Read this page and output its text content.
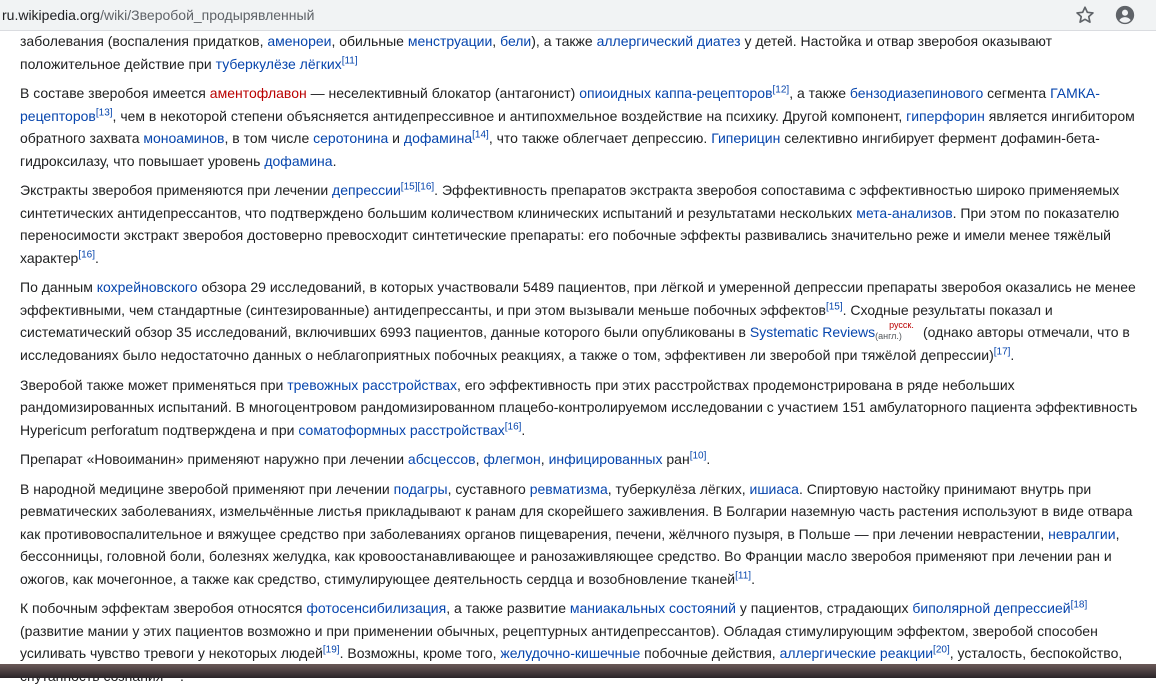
ru.wikipedia.org/wiki/Зверобой_продырявленный

заболевания (воспаления придатков, аменореи, обильные менструации, бели), а также аллергический диатез у детей. Настойка и отвар зверобоя оказывают положительное действие при туберкулёзе лёгких[11]

В составе зверобоя имеется аментофлавон — неселективный блокатор (антагонист) опиоидных каппа-рецепторов[12], а также бензодиазепинового сегмента ГАМКА-рецепторов[13], чем в некоторой степени объясняется антидепрессивное и антипохмельное воздействие на психику. Другой компонент, гиперфорин является ингибитором обратного захвата моноаминов, в том числе серотонина и дофамина[14], что также облегчает депрессию. Гиперицин селективно ингибирует фермент дофамин-бета-гидроксилазу, что повышает уровень дофамина.

Экстракты зверобоя применяются при лечении депрессии[15][16]. Эффективность препаратов экстракта зверобоя сопоставима с эффективностью широко применяемых синтетических антидепрессантов, что подтверждено большим количеством клинических испытаний и результатами нескольких мета-анализов. При этом по показателю переносимости экстракт зверобоя достоверно превосходит синтетические препараты: его побочные эффекты развивались значительно реже и имели менее тяжёлый характер[16].

По данным кохрейновского обзора 29 исследований, в которых участвовали 5489 пациентов, при лёгкой и умеренной депрессии препараты зверобоя оказались не менее эффективными, чем стандартные (синтезированные) антидепрессанты, и при этом вызывали меньше побочных эффектов[15]. Сходные результаты показал и систематический обзор 35 исследований, включивших 6993 пациентов, данные которого были опубликованы в Systematic Reviews русск.
(англ.) (однако авторы отмечали, что в исследованиях было недостаточно данных о неблагоприятных побочных реакциях, а также о том, эффективен ли зверобой при тяжёлой депрессии)[17].

Зверобой также может применяться при тревожных расстройствах, его эффективность при этих расстройствах продемонстрирована в ряде небольших рандомизированных испытаний. В многоцентровом рандомизированном плацебо-контролируемом исследовании с участием 151 амбулаторного пациента эффективность Hypericum perforatum подтверждена и при соматоформных расстройствах[16].

Препарат «Новоиманин» применяют наружно при лечении абсцессов, флегмон, инфицированных ран[10].

В народной медицине зверобой применяют при лечении подагры, суставного ревматизма, туберкулёза лёгких, ишиаса. Спиртовую настойку принимают внутрь при ревматических заболеваниях, измельчённые листья прикладывают к ранам для скорейшего заживления. В Болгарии наземную часть растения используют в виде отвара как противовоспалительное и вяжущее средство при заболеваниях органов пищеварения, печени, жёлчного пузыря, в Польше — при лечении неврастении, невралгии, бессонницы, головной боли, болезнях желудка, как кровоостанавливающее и ранозаживляющее средство. Во Франции масло зверобоя применяют при лечении ран и ожогов, как мочегонное, а также как средство, стимулирующее деятельность сердца и возобновление тканей[11].

К побочным эффектам зверобоя относятся фотосенсибилизация, а также развитие маниакальных состояний у пациентов, страдающих биполярной депрессией[18] (развитие мании у этих пациентов возможно и при применении обычных, рецептурных антидепрессантов). Обладая стимулирующим эффектом, зверобой способен усиливать чувство тревоги у некоторых людей[19]. Возможны, кроме того, желудочно-кишечные побочные действия, аллергические реакции[20], усталость, беспокойство,
